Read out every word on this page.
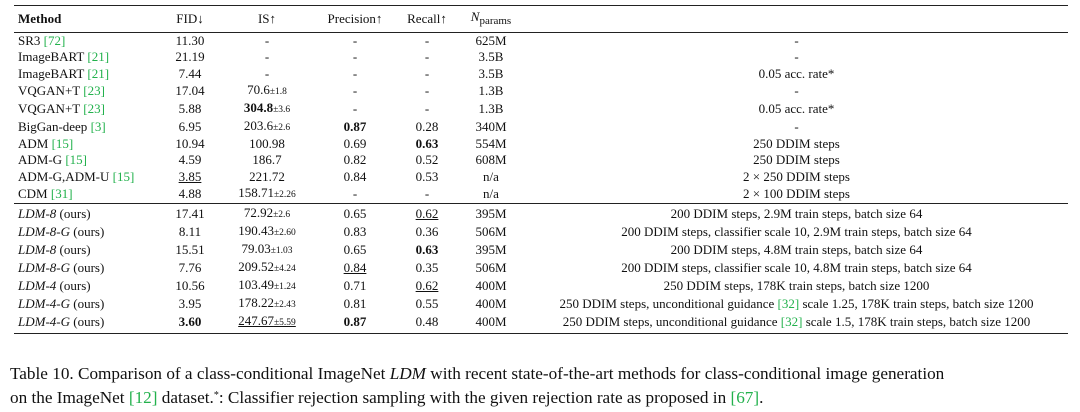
Method	FID↓	IS↑	Precision↑	Recall↑	$N_{params}$	
SR3 [72]	11.30	-	-	-	625M	-
ImageBART [21]	21.19	-	-	-	3.5B	-
ImageBART [21]	7.44	-	-	-	3.5B	0.05 acc. rate*
VQGAN+T [23]	17.04	70.6±1.8	-	-	1.3B	-
VQGAN+T [23]	5.88	304.8±3.6	-	-	1.3B	0.05 acc. rate*
BigGan-deep [3]	6.95	203.6±2.6	0.87	0.28	340M	-
ADM [15]	10.94	100.98	0.69	0.63	554M	250 DDIM steps
ADM-G [15]	4.59	186.7	0.82	0.52	608M	250 DDIM steps
ADM-G,ADM-U [15]	3.85	221.72	0.84	0.53	n/a	2 × 250 DDIM steps
CDM [31]	4.88	158.71±2.26	-	-	n/a	2 × 100 DDIM steps
LDM-8 (ours)	17.41	72.92±2.6	0.65	0.62	395M	200 DDIM steps, 2.9M train steps, batch size 64
LDM-8-G (ours)	8.11	190.43±2.60	0.83	0.36	506M	200 DDIM steps, classifier scale 10, 2.9M train steps, batch size 64
LDM-8 (ours)	15.51	79.03±1.03	0.65	0.63	395M	200 DDIM steps, 4.8M train steps, batch size 64
LDM-8-G (ours)	7.76	209.52±4.24	0.84	0.35	506M	200 DDIM steps, classifier scale 10, 4.8M train steps, batch size 64
LDM-4 (ours)	10.56	103.49±1.24	0.71	0.62	400M	250 DDIM steps, 178K train steps, batch size 1200
LDM-4-G (ours)	3.95	178.22±2.43	0.81	0.55	400M	250 DDIM steps, unconditional guidance [32] scale 1.25, 178K train steps, batch size 1200
LDM-4-G (ours)	3.60	247.67±5.59	0.87	0.48	400M	250 DDIM steps, unconditional guidance [32] scale 1.5, 178K train steps, batch size 1200
Table 10. Comparison of a class-conditional ImageNet LDM with recent state-of-the-art methods for class-conditional image generation
on the ImageNet [12] dataset.*: Classifier rejection sampling with the given rejection rate as proposed in [67].
